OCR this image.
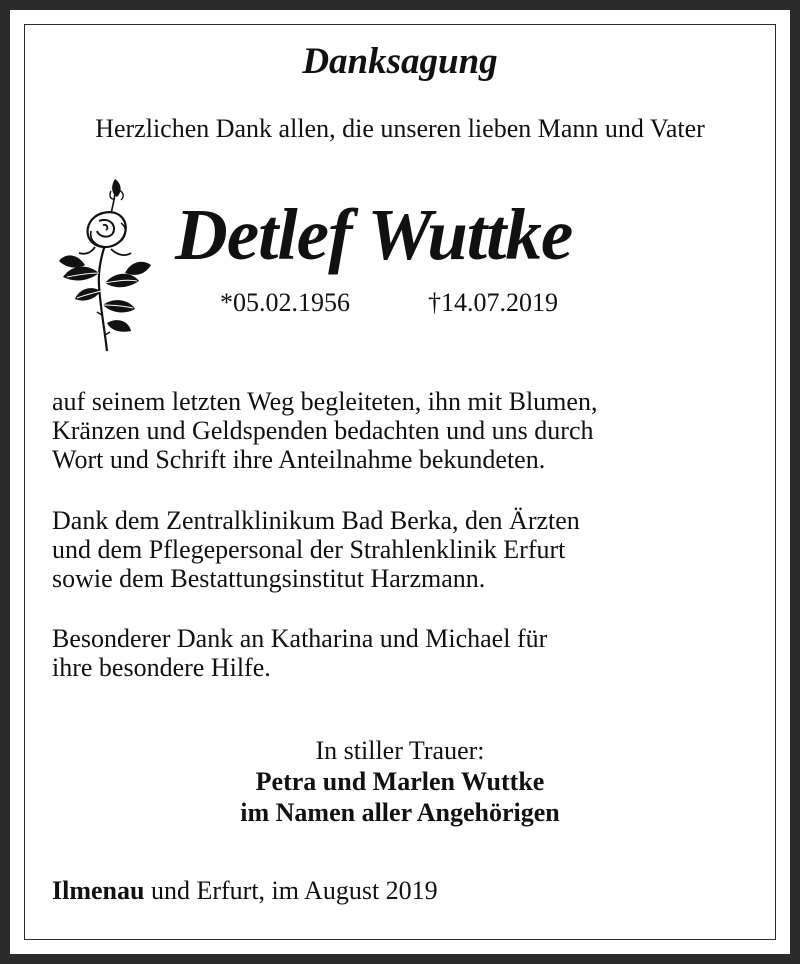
Danksagung
Herzlichen Dank allen, die unseren lieben Mann und Vater
Detlef Wuttke
*05.02.1956	†14.07.2019
auf seinem letzten Weg begleiteten, ihn mit Blumen,
Kränzen und Geldspenden bedachten und uns durch
Wort und Schrift ihre Anteilnahme bekundeten.
Dank dem Zentralklinikum Bad Berka, den Ärzten
und dem Pflegepersonal der Strahlenklinik Erfurt
sowie dem Bestattungsinstitut Harzmann.
Besonderer Dank an Katharina und Michael für
ihre besondere Hilfe.
In stiller Trauer:
Petra und Marlen Wuttke
im Namen aller Angehörigen
Ilmenau und Erfurt, im August 2019
